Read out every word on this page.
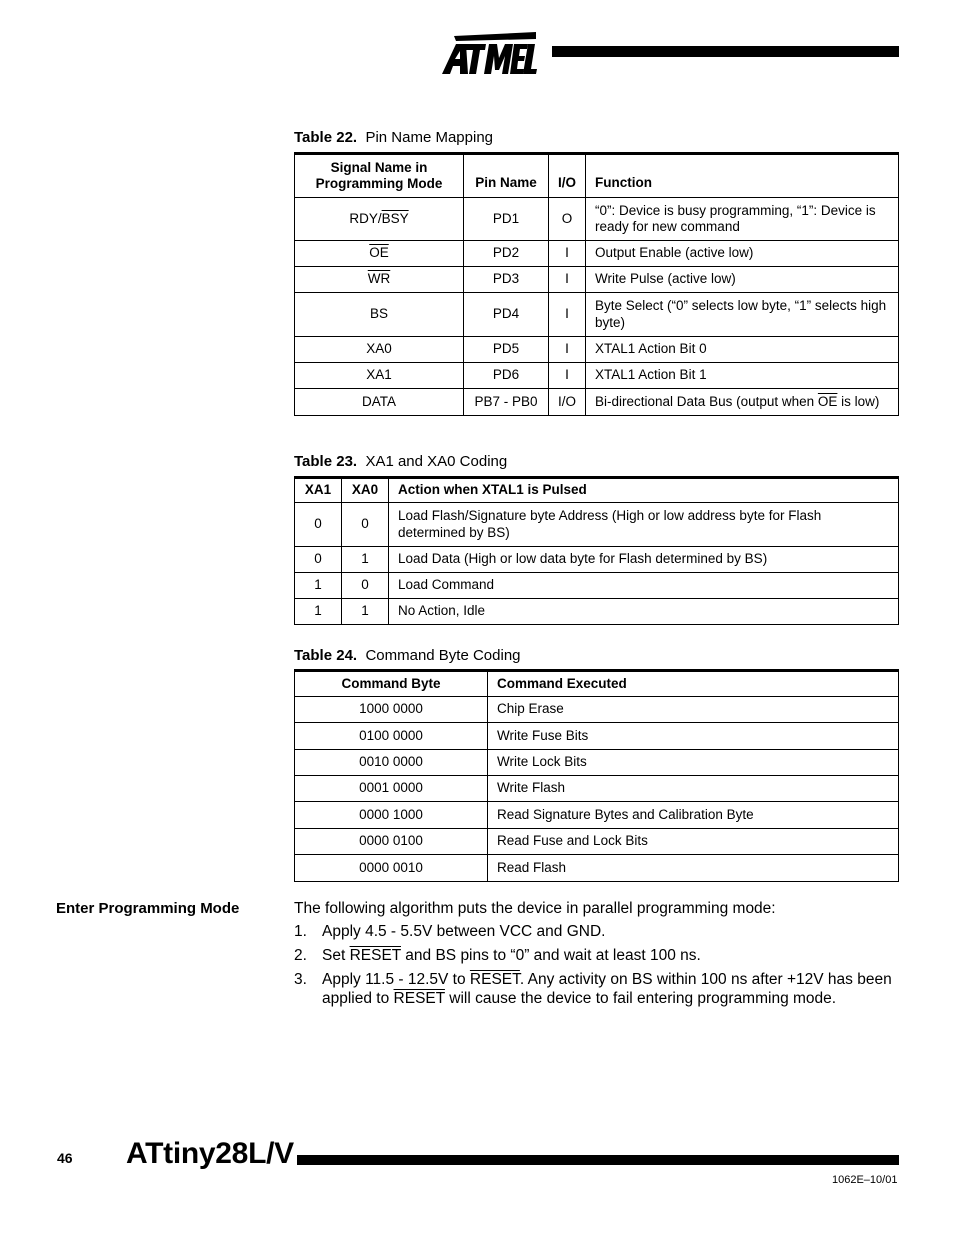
Table 22. Pin Name Mapping
Signal Name in Programming Mode	Pin Name	I/O	Function
RDY/$\overline{BSY}$	PD1	O	“0”: Device is busy programming, “1”: Device is ready for new command
$\overline{OE}$	PD2	I	Output Enable (active low)
$\overline{WR}$	PD3	I	Write Pulse (active low)
BS	PD4	I	Byte Select (“0” selects low byte, “1” selects high byte)
XA0	PD5	I	XTAL1 Action Bit 0
XA1	PD6	I	XTAL1 Action Bit 1
DATA	PB7 - PB0	I/O	Bi-directional Data Bus (output when $\overline{OE}$ is low)
Table 23. XA1 and XA0 Coding
XA1	XA0	Action when XTAL1 is Pulsed
0	0	Load Flash/Signature byte Address (High or low address byte for Flash determined by BS)
0	1	Load Data (High or low data byte for Flash determined by BS)
1	0	Load Command
1	1	No Action, Idle
Table 24. Command Byte Coding
Command Byte	Command Executed
1000 0000	Chip Erase
0100 0000	Write Fuse Bits
0010 0000	Write Lock Bits
0001 0000	Write Flash
0000 1000	Read Signature Bytes and Calibration Byte
0000 0100	Read Fuse and Lock Bits
0000 0010	Read Flash
Enter Programming Mode	The following algorithm puts the device in parallel programming mode:
1. Apply 4.5 - 5.5V between VCC and GND.
2. Set RESET and BS pins to “0” and wait at least 100 ns.
3. Apply 11.5 - 12.5V to RESET. Any activity on BS within 100 ns after +12V has been applied to RESET will cause the device to fail entering programming mode.
46 ATtiny28L/V
1062E–10/01
